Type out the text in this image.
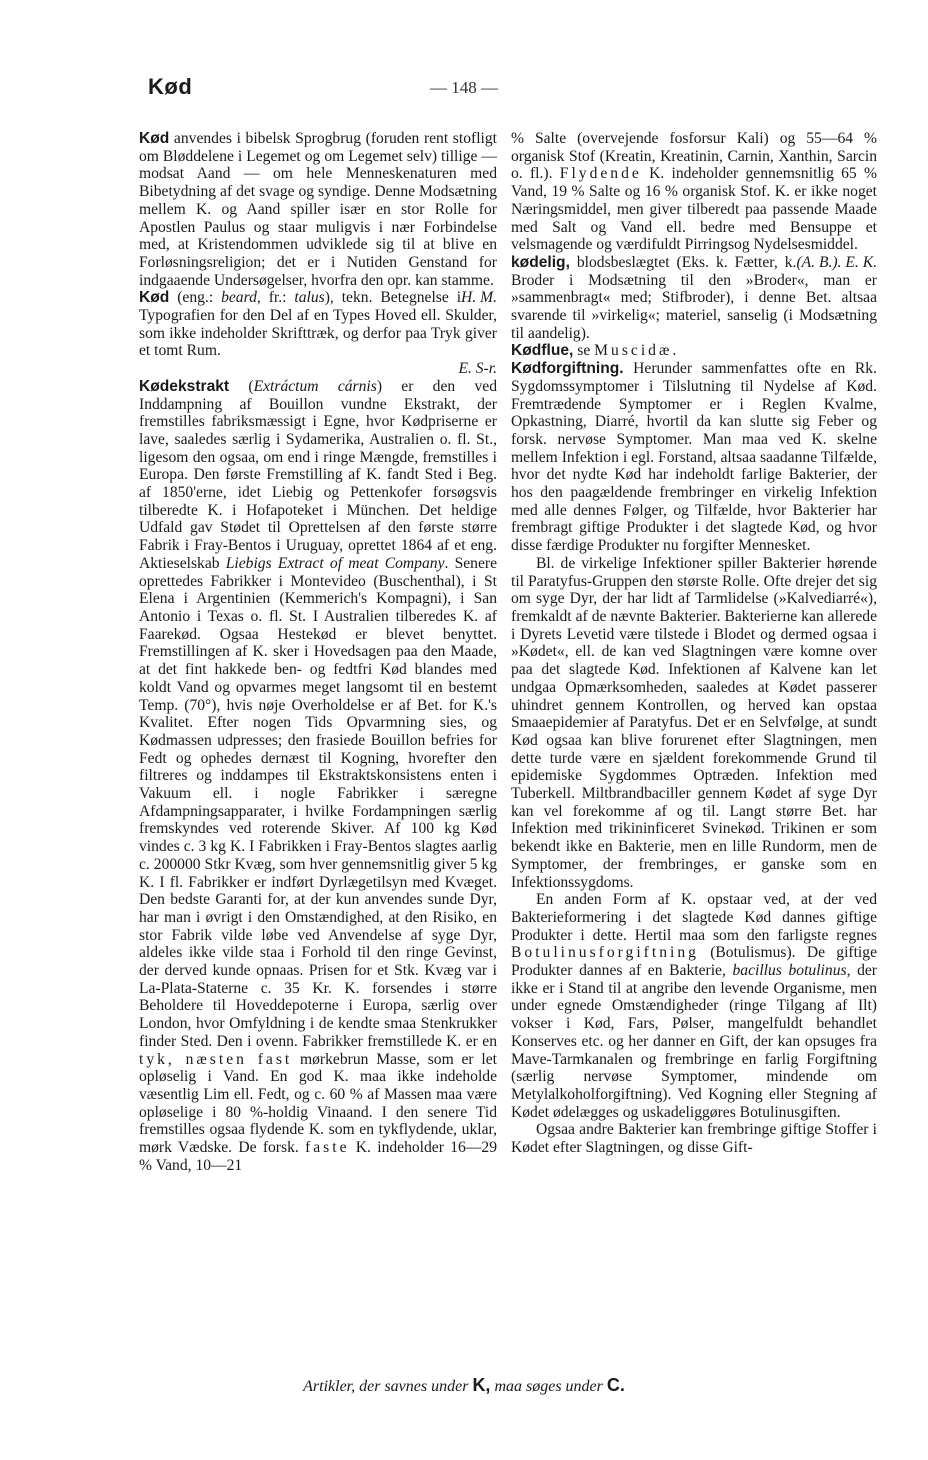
Kød	— 148 —

Kød anvendes i bibelsk Sprogbrug (foruden rent stofligt om Bløddelene i Legemet og om Legemet selv) tillige — modsat Aand — om hele Menneskenaturen med Bibetydning af det svage og syndige. Denne Modsætning mellem K. og Aand spiller især en stor Rolle for Apostlen Paulus og staar muligvis i nær Forbindelse med, at Kristendommen udviklede sig til at blive en Forløsningsreligion; det er i Nutiden Genstand for indgaaende Undersøgelser, hvorfra den opr. kan stamme.
H. M.

Kød (eng.: beard, fr.: talus), tekn. Betegnelse i Typografien for den Del af en Types Hoved ell. Skulder, som ikke indeholder Skrifttræk, og derfor paa Tryk giver et tomt Rum.
E. S-r.

Kødekstrakt (Extráctum cárnis) er den ved Inddampning af Bouillon vundne Ekstrakt, der fremstilles fabriksmæssigt i Egne, hvor Kødpriserne er lave, saaledes særlig i Sydamerika, Australien o. fl. St., ligesom den ogsaa, om end i ringe Mængde, fremstilles i Europa. Den første Fremstilling af K. fandt Sted i Beg. af 1850'erne, idet Liebig og Pettenkofer forsøgsvis tilberedte K. i Hofapoteket i München. Det heldige Udfald gav Stødet til Oprettelsen af den første større Fabrik i Fray-Bentos i Uruguay, oprettet 1864 af et eng. Aktieselskab Liebigs Extract of meat Company. Senere oprettedes Fabrikker i Montevideo (Buschenthal), i St Elena i Argentinien (Kemmerich's Kompagni), i San Antonio i Texas o. fl. St. I Australien tilberedes K. af Faarekød. Ogsaa Hestekød er blevet benyttet. Fremstillingen af K. sker i Hovedsagen paa den Maade, at det fint hakkede ben- og fedtfri Kød blandes med koldt Vand og opvarmes meget langsomt til en bestemt Temp. (70°), hvis nøje Overholdelse er af Bet. for K.'s Kvalitet. Efter nogen Tids Opvarmning sies, og Kødmassen udpresses; den frasiede Bouillon befries for Fedt og ophedes dernæst til Kogning, hvorefter den filtreres og inddampes til Ekstraktskonsistens enten i Vakuum ell. i nogle Fabrikker i særegne Afdampningsapparater, i hvilke Fordampningen særlig fremskyndes ved roterende Skiver. Af 100 kg Kød vindes c. 3 kg K. I Fabrikken i Fray-Bentos slagtes aarlig c. 200000 Stkr Kvæg, som hver gennemsnitlig giver 5 kg K. I fl. Fabrikker er indført Dyrlægetilsyn med Kvæget. Den bedste Garanti for, at der kun anvendes sunde Dyr, har man i øvrigt i den Omstændighed, at den Risiko, en stor Fabrik vilde løbe ved Anvendelse af syge Dyr, aldeles ikke vilde staa i Forhold til den ringe Gevinst, der derved kunde opnaas. Prisen for et Stk. Kvæg var i La-Plata-Staterne c. 35 Kr. K. forsendes i større Beholdere til Hoveddepoterne i Europa, særlig over London, hvor Omfyldning i de kendte smaa Stenkrukker finder Sted. Den i ovenn. Fabrikker fremstillede K. er en tyk, næsten fast mørkebrun Masse, som er let opløselig i Vand. En god K. maa ikke indeholde væsentlig Lim ell. Fedt, og c. 60 % af Massen maa være opløselige i 80 %-holdig Vinaand. I den senere Tid fremstilles ogsaa flydende K. som en tykflydende, uklar, mørk Vædske. De forsk. faste K. indeholder 16—29 % Vand, 10—21

% Salte (overvejende fosforsur Kali) og 55—64 % organisk Stof (Kreatin, Kreatinin, Carnin, Xanthin, Sarcin o. fl.). Flydende K. indeholder gennemsnitlig 65 % Vand, 19 % Salte og 16 % organisk Stof. K. er ikke noget Næringsmiddel, men giver tilberedt paa passende Maade med Salt og Vand ell. bedre med Bensuppe et velsmagende og værdifuldt Pirringsog Nydelsesmiddel.
(A. B.). E. K.

kødelig, blodsbeslægtet (Eks. k. Fætter, k. Broder i Modsætning til den »Broder«, man er »sammenbragt« med; Stifbroder), i denne Bet. altsaa svarende til »virkelig«; materiel, sanselig (i Modsætning til aandelig).

Kødflue, se Muscidæ.

Kødforgiftning. Herunder sammenfattes ofte en Rk. Sygdomssymptomer i Tilslutning til Nydelse af Kød. Fremtrædende Symptomer er i Reglen Kvalme, Opkastning, Diarré, hvortil da kan slutte sig Feber og forsk. nervøse Symptomer. Man maa ved K. skelne mellem Infektion i egl. Forstand, altsaa saadanne Tilfælde, hvor det nydte Kød har indeholdt farlige Bakterier, der hos den paagældende frembringer en virkelig Infektion med alle dennes Følger, og Tilfælde, hvor Bakterier har frembragt giftige Produkter i det slagtede Kød, og hvor disse færdige Produkter nu forgifter Mennesket.

Bl. de virkelige Infektioner spiller Bakterier hørende til Paratyfus-Gruppen den største Rolle. Ofte drejer det sig om syge Dyr, der har lidt af Tarmlidelse (»Kalvediarré«), fremkaldt af de nævnte Bakterier. Bakterierne kan allerede i Dyrets Levetid være tilstede i Blodet og dermed ogsaa i »Kødet«, ell. de kan ved Slagtningen være komne over paa det slagtede Kød. Infektionen af Kalvene kan let undgaa Opmærksomheden, saaledes at Kødet passerer uhindret gennem Kontrollen, og herved kan opstaa Smaaepidemier af Paratyfus. Det er en Selvfølge, at sundt Kød ogsaa kan blive forurenet efter Slagtningen, men dette turde være en sjældent forekommende Grund til epidemiske Sygdommes Optræden. Infektion med Tuberkell. Miltbrandbaciller gennem Kødet af syge Dyr kan vel forekomme af og til. Langt større Bet. har Infektion med trikininficeret Svinekød. Trikinen er som bekendt ikke en Bakterie, men en lille Rundorm, men de Symptomer, der frembringes, er ganske som en Infektionssygdoms.

En anden Form af K. opstaar ved, at der ved Bakterieformering i det slagtede Kød dannes giftige Produkter i dette. Hertil maa som den farligste regnes Botulinusforgiftning (Botulismus). De giftige Produkter dannes af en Bakterie, bacillus botulinus, der ikke er i Stand til at angribe den levende Organisme, men under egnede Omstændigheder (ringe Tilgang af Ilt) vokser i Kød, Fars, Pølser, mangelfuldt behandlet Konserves etc. og her danner en Gift, der kan opsuges fra Mave-Tarmkanalen og frembringe en farlig Forgiftning (særlig nervøse Symptomer, mindende om Metylalkoholforgiftning). Ved Kogning eller Stegning af Kødet ødelægges og uskadeliggøres Botulinusgiften.

Ogsaa andre Bakterier kan frembringe giftige Stoffer i Kødet efter Slagtningen, og disse Gift-

Artikler, der savnes under K, maa søges under C.
